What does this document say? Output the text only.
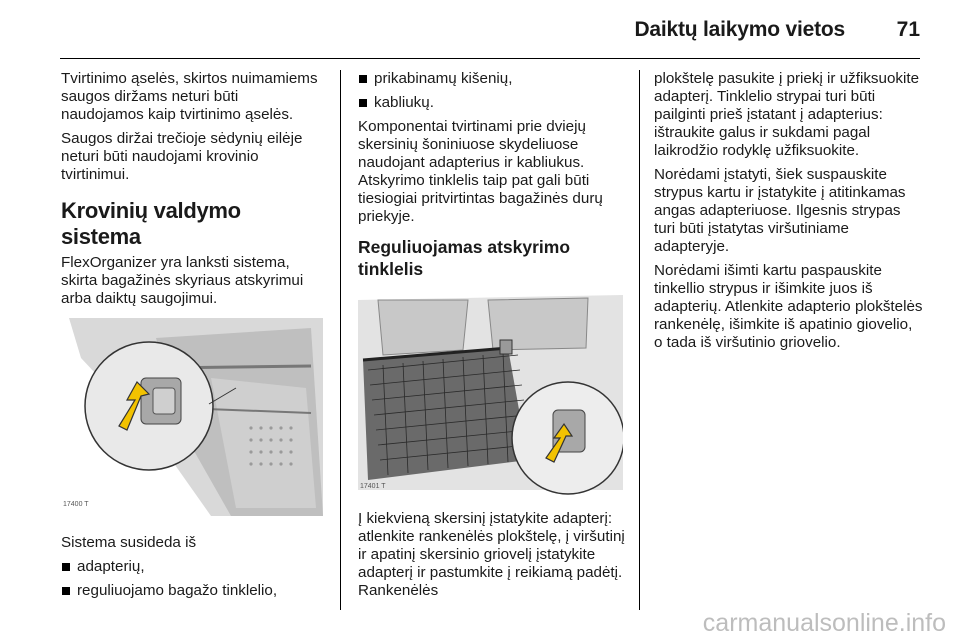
Daiktų laikymo vietos 71

Tvirtinimo ąselės, skirtos nuimamiems saugos diržams neturi būti naudojamos kaip tvirtinimo ąselės.

Saugos diržai trečioje sėdynių eilėje neturi būti naudojami krovinio tvirtinimui.

Krovinių valdymo sistema

FlexOrganizer yra lanksti sistema, skirta bagažinės skyriaus atskyrimui arba daiktų saugojimui.

17400 T

Sistema susideda iš

adapterių,
reguliuojamo bagažo tinklelio,
prikabinamų kišenių,
kabliukų.

Komponentai tvirtinami prie dviejų skersinių šoniniuose skydeliuose naudojant adapterius ir kabliukus. Atskyrimo tinklelis taip pat gali būti tiesiogiai pritvirtintas bagažinės durų priekyje.

Reguliuojamas atskyrimo tinklelis
17401 T

Į kiekvieną skersinį įstatykite adapterį: atlenkite rankenėlės plokštelę, į viršutinį ir apatinį skersinio griovelį įstatykite adapterį ir pastumkite į reikiamą padėtį. Rankenėlės

plokštelę pasukite į priekį ir užfiksuokite adapterį. Tinklelio strypai turi būti pailginti prieš įstatant į adapterius: ištraukite galus ir sukdami pagal laikrodžio rodyklę užfiksuokite.

Norėdami įstatyti, šiek suspauskite strypus kartu ir įstatykite į atitinkamas angas adapteriuose. Ilgesnis strypas turi būti įstatytas viršutiniame adapteryje.

Norėdami išimti kartu paspauskite tinkellio strypus ir išimkite juos iš adapterių. Atlenkite adapterio plokštelės rankenėlę, išimkite iš apatinio giovelio, o tada iš viršutinio griovelio.

carmanualsonline.info
